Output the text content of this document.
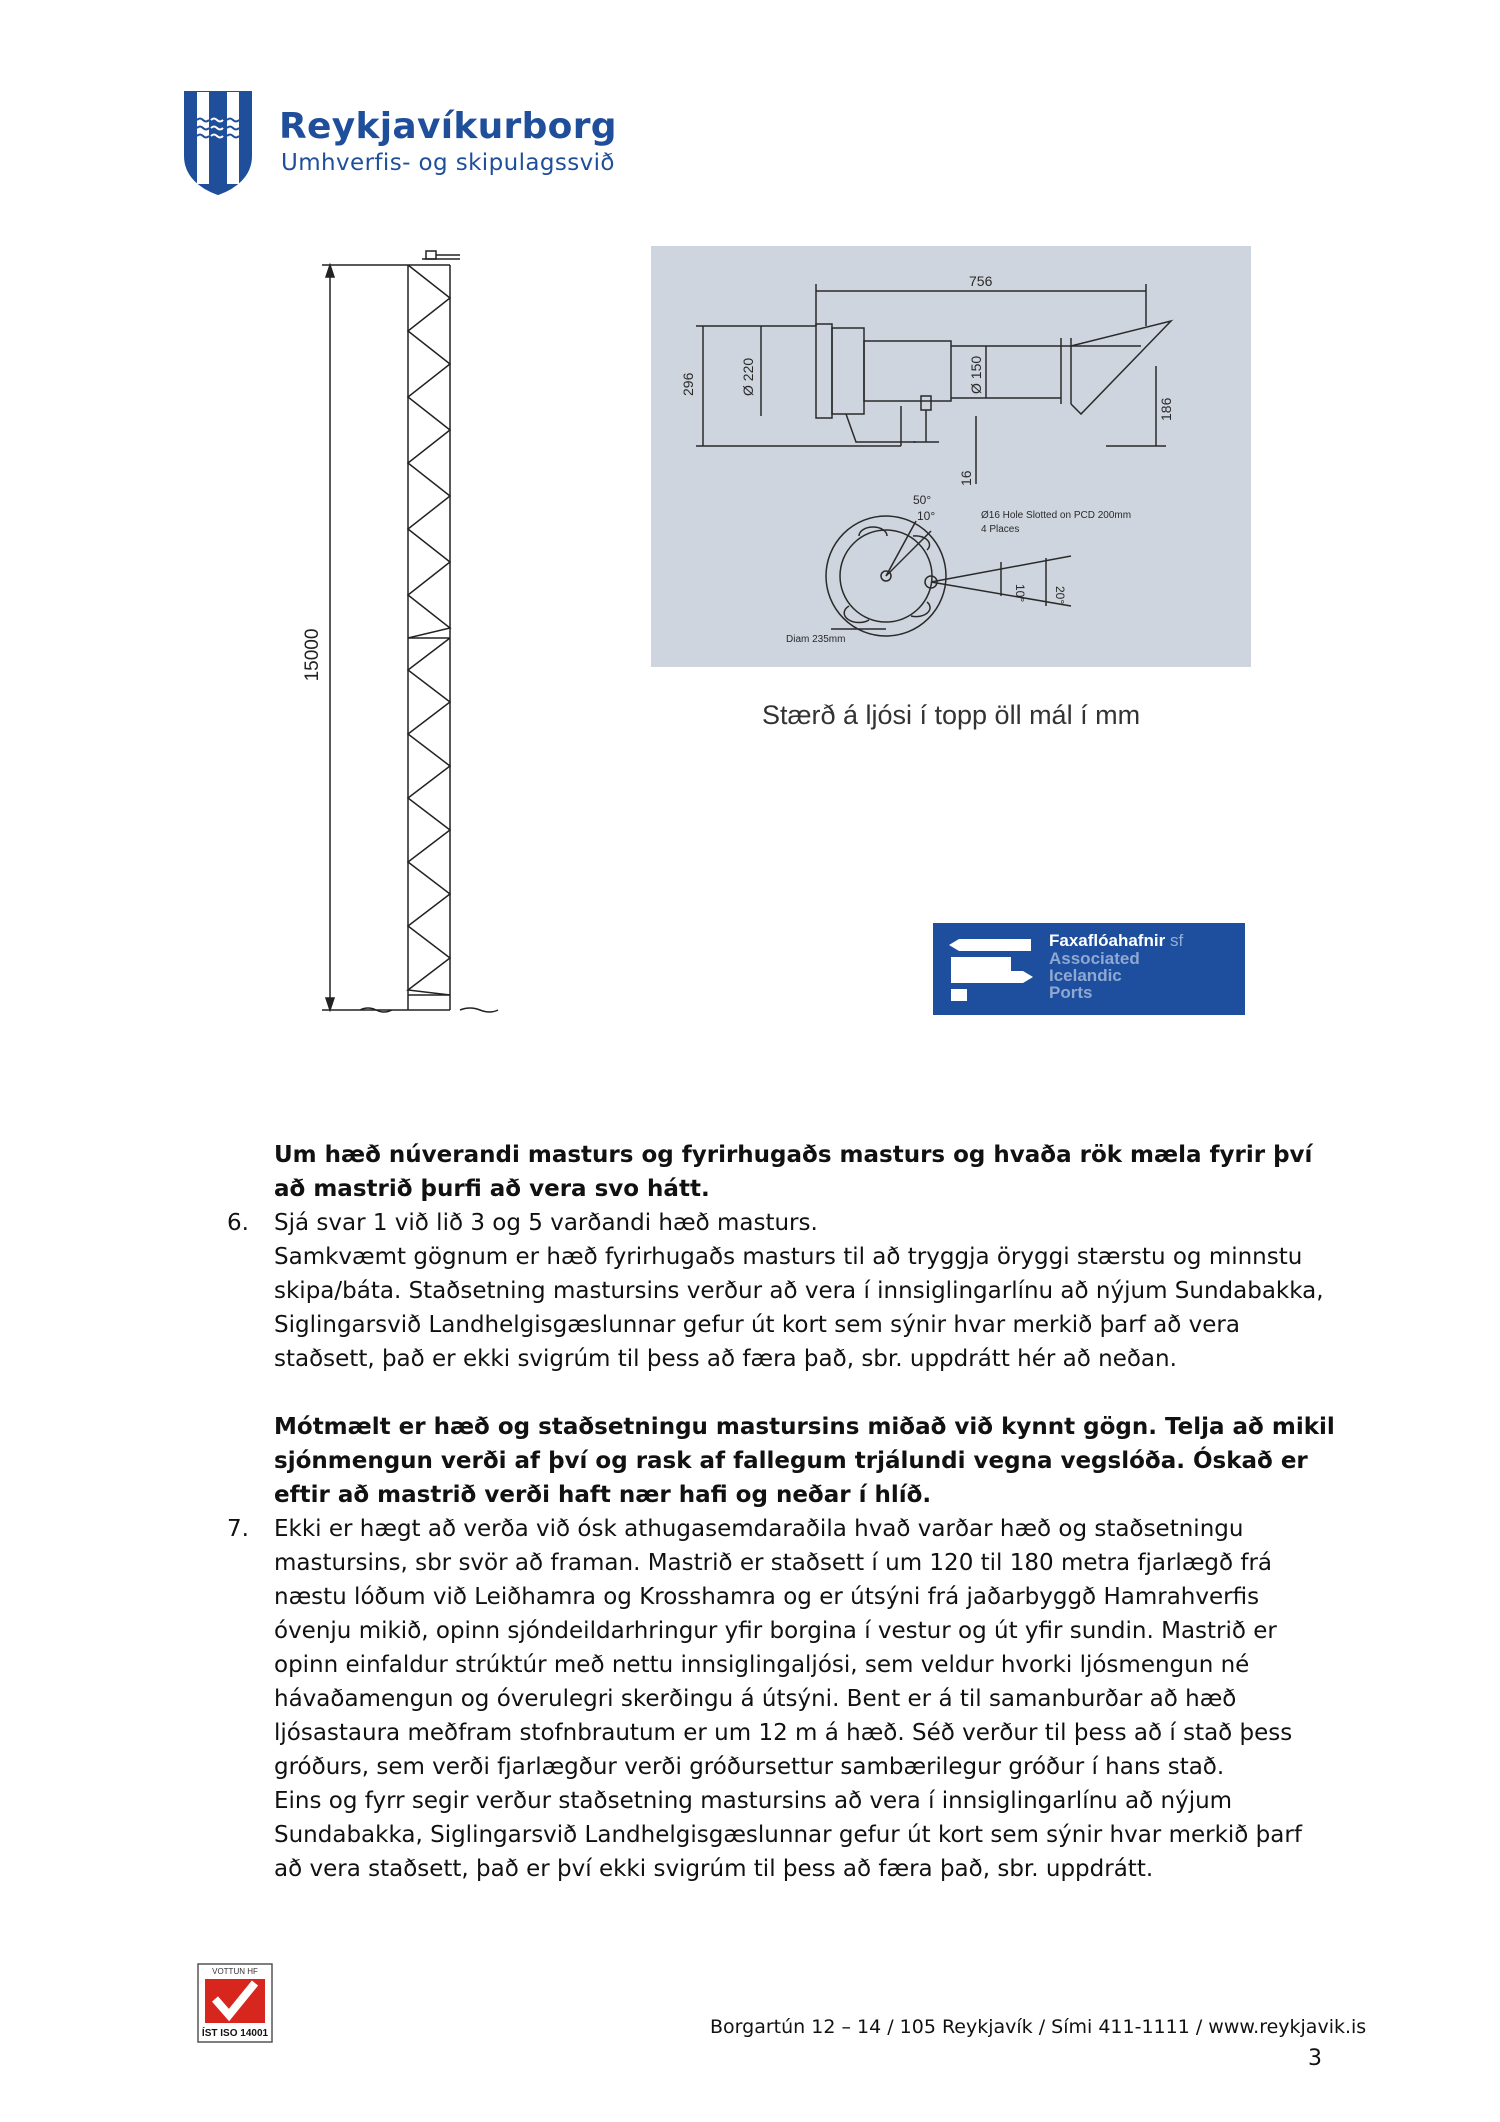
Reykjavíkurborg
Umhverfis- og skipulagssvið
15000
756
296	Ø 220	Ø 150
186
16
50°
10°	Ø16 Hole Slotted on PCD 200mm
4 Places
10° 20°
Diam 235mm
Stærð á ljósi í topp öll mál í mm
Faxaflóahafnir sf
Associated
Icelandic
Ports

Um hæð núverandi masturs og fyrirhugaðs masturs og hvaða rök mæla fyrir því að mastrið þurfi að vera svo hátt.

6. Sjá svar 1 við lið 3 og 5 varðandi hæð masturs.

Samkvæmt gögnum er hæð fyrirhugaðs masturs til að tryggja öryggi stærstu og minnstu skipa/báta. Staðsetning mastursins verður að vera í innsiglingarlínu að nýjum Sundabakka, Siglingarsvið Landhelgisgæslunnar gefur út kort sem sýnir hvar merkið þarf að vera staðsett, það er ekki svigrúm til þess að færa það, sbr. uppdrátt hér að neðan.

Mótmælt er hæð og staðsetningu mastursins miðað við kynnt gögn. Telja að mikil sjónmengun verði af því og rask af fallegum trjálundi vegna vegslóða. Óskað er eftir að mastrið verði haft nær hafi og neðar í hlíð.

7. Ekki er hægt að verða við ósk athugasemdaraðila hvað varðar hæð og staðsetningu mastursins, sbr svör að framan. Mastrið er staðsett í um 120 til 180 metra fjarlægð frá næstu lóðum við Leiðhamra og Krosshamra og er útsýni frá jaðarbyggð Hamrahverfis óvenju mikið, opinn sjóndeildarhringur yfir borgina í vestur og út yfir sundin. Mastrið er opinn einfaldur strúktúr með nettu innsiglingaljósi, sem veldur hvorki ljósmengun né hávaðamengun og óverulegri skerðingu á útsýni. Bent er á til samanburðar að hæð ljósastaura meðfram stofnbrautum er um 12 m á hæð. Séð verður til þess að í stað þess gróðurs, sem verði fjarlægður verði gróðursettur sambærilegur gróður í hans stað.

Eins og fyrr segir verður staðsetning mastursins að vera í innsiglingarlínu að nýjum Sundabakka, Siglingarsvið Landhelgisgæslunnar gefur út kort sem sýnir hvar merkið þarf að vera staðsett, það er því ekki svigrúm til þess að færa það, sbr. uppdrátt.

VOTTUN HF
ÍST ISO 14001	Borgartún 12 – 14 / 105 Reykjavík / Sími 411-1111 / www.reykjavik.is
3
